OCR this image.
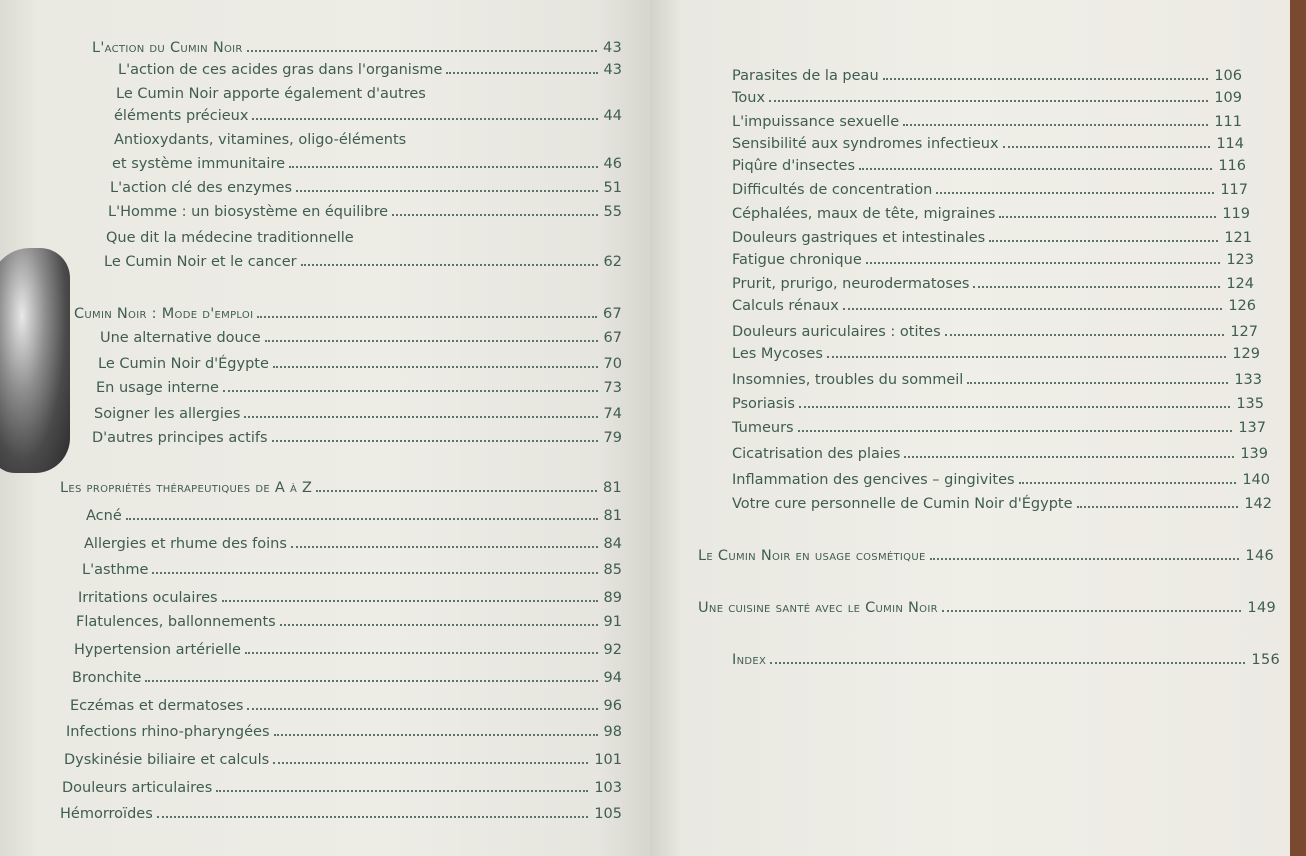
L'action du Cumin Noir	43
L'action de ces acides gras dans l'organisme	43
Le Cumin Noir apporte également d'autres
éléments précieux	44
Antioxydants, vitamines, oligo-éléments
et système immunitaire	46
L'action clé des enzymes	51
L'Homme : un biosystème en équilibre	55
Que dit la médecine traditionnelle
Le Cumin Noir et le cancer	62
Cumin Noir : Mode d'emploi	67
Une alternative douce	67
Le Cumin Noir d'Égypte	70
En usage interne	73
Soigner les allergies	74
D'autres principes actifs	79
Les propriétés thérapeutiques de A à Z	81
Acné	81
Allergies et rhume des foins	84
L'asthme	85
Irritations oculaires	89
Flatulences, ballonnements	91
Hypertension artérielle	92
Bronchite	94
Eczémas et dermatoses	96
Infections rhino-pharyngées	98
Dyskinésie biliaire et calculs	101
Douleurs articulaires	103
Hémorroïdes	105
Parasites de la peau	106
Toux	109
L'impuissance sexuelle	111
Sensibilité aux syndromes infectieux	114
Piqûre d'insectes	116
Difficultés de concentration	117
Céphalées, maux de tête, migraines	119
Douleurs gastriques et intestinales	121
Fatigue chronique	123
Prurit, prurigo, neurodermatoses	124
Calculs rénaux	126
Douleurs auriculaires : otites	127
Les Mycoses	129
Insomnies, troubles du sommeil	133
Psoriasis	135
Tumeurs	137
Cicatrisation des plaies	139
Inflammation des gencives – gingivites	140
Votre cure personnelle de Cumin Noir d'Égypte	142
Le Cumin Noir en usage cosmétique	146
Une cuisine santé avec le Cumin Noir	149
Index	156
